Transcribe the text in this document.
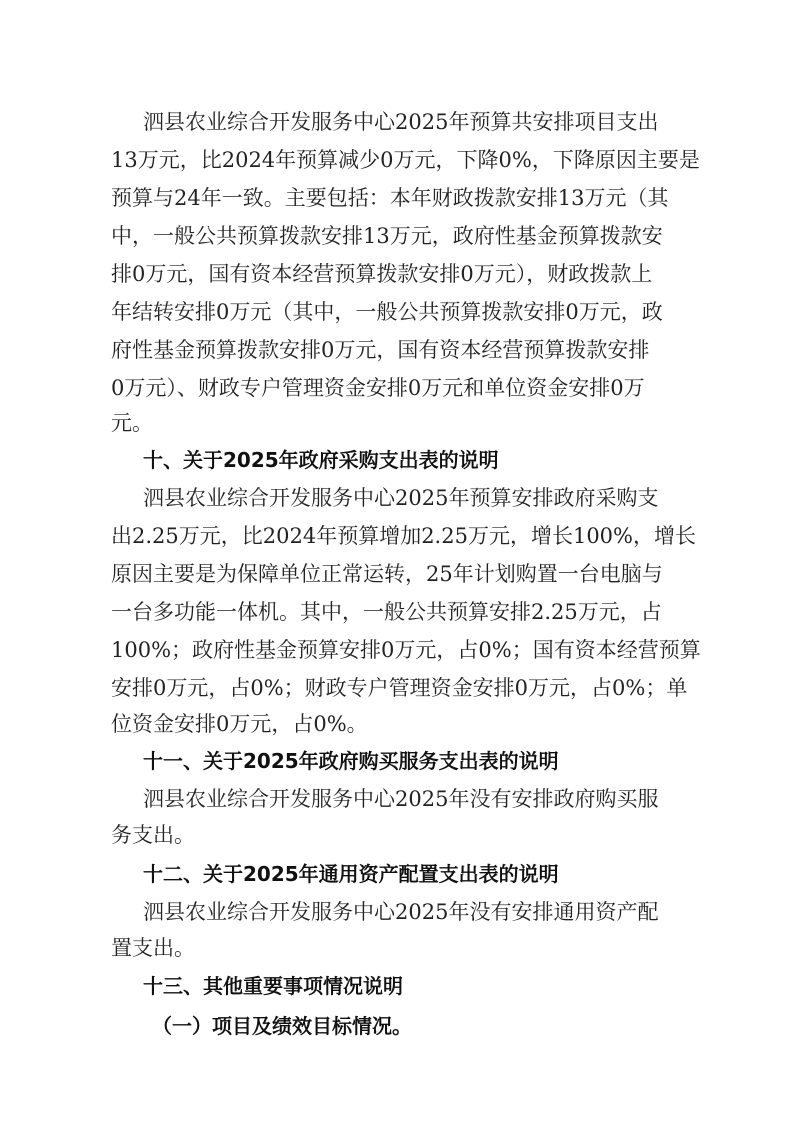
泗县农业综合开发服务中心2025年预算共安排项目支出
13万元，比2024年预算减少0万元，下降0%，下降原因主要是
预算与24年一致。主要包括：本年财政拨款安排13万元（其
中，一般公共预算拨款安排13万元，政府性基金预算拨款安
排0万元，国有资本经营预算拨款安排0万元），财政拨款上
年结转安排0万元（其中，一般公共预算拨款安排0万元，政
府性基金预算拨款安排0万元，国有资本经营预算拨款安排
0万元）、财政专户管理资金安排0万元和单位资金安排0万
元。
十、关于2025年政府采购支出表的说明
泗县农业综合开发服务中心2025年预算安排政府采购支
出2.25万元，比2024年预算增加2.25万元，增长100%，增长
原因主要是为保障单位正常运转，25年计划购置一台电脑与
一台多功能一体机。其中，一般公共预算安排2.25万元，占
100%；政府性基金预算安排0万元，占0%；国有资本经营预算
安排0万元，占0%；财政专户管理资金安排0万元，占0%；单
位资金安排0万元，占0%。
十一、关于2025年政府购买服务支出表的说明
泗县农业综合开发服务中心2025年没有安排政府购买服
务支出。
十二、关于2025年通用资产配置支出表的说明
泗县农业综合开发服务中心2025年没有安排通用资产配
置支出。
十三、其他重要事项情况说明
（一）项目及绩效目标情况。
